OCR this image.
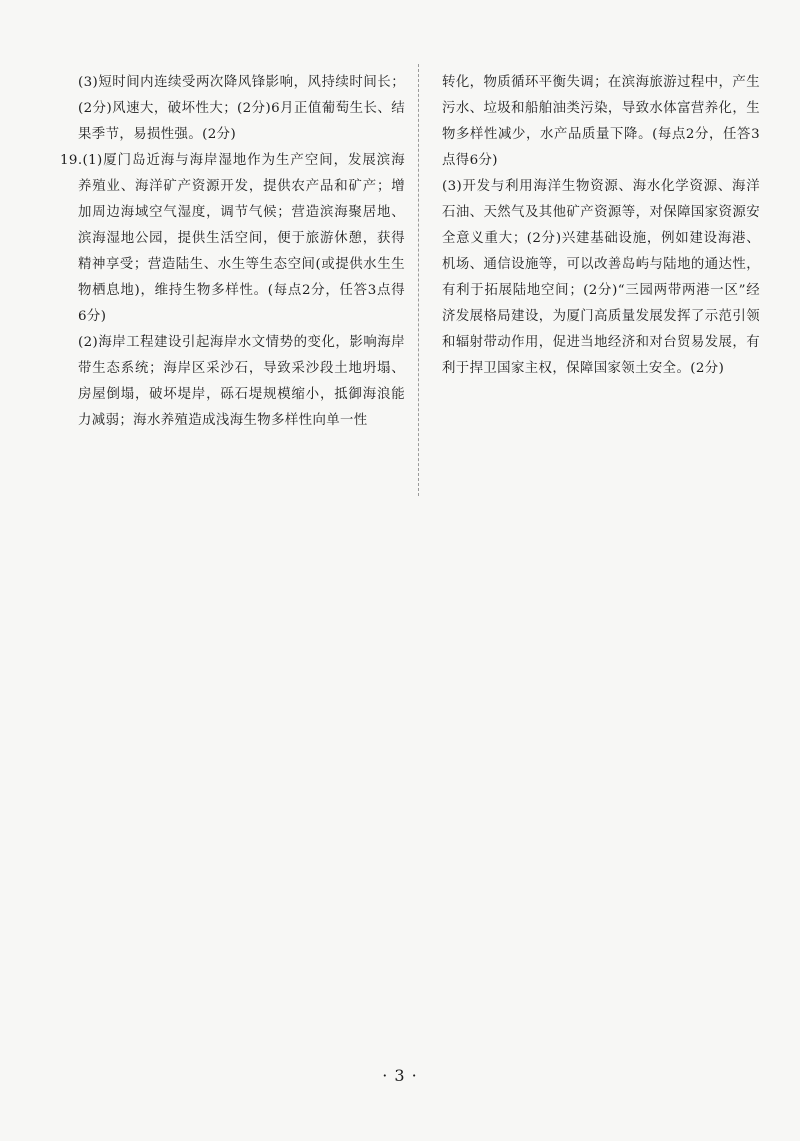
(3)短时间内连续受两次降风锋影响，风持续时间长；(2分)风速大，破坏性大；(2分)6月正值葡萄生长、结果季节，易损性强。(2分)
19.(1)厦门岛近海与海岸湿地作为生产空间，发展滨海养殖业、海洋矿产资源开发，提供农产品和矿产；增加周边海域空气湿度，调节气候；营造滨海聚居地、滨海湿地公园，提供生活空间，便于旅游休憩，获得精神享受；营造陆生、水生等生态空间(或提供水生生物栖息地)，维持生物多样性。(每点2分，任答3点得6分)
(2)海岸工程建设引起海岸水文情势的变化，影响海岸带生态系统；海岸区采沙石，导致采沙段土地坍塌、房屋倒塌，破坏堤岸，砾石堤规模缩小，抵御海浪能力减弱；海水养殖造成浅海生物多样性向单一性
转化，物质循环平衡失调；在滨海旅游过程中，产生污水、垃圾和船舶油类污染，导致水体富营养化，生物多样性减少，水产品质量下降。(每点2分，任答3点得6分)
(3)开发与利用海洋生物资源、海水化学资源、海洋石油、天然气及其他矿产资源等，对保障国家资源安全意义重大；(2分)兴建基础设施，例如建设海港、机场、通信设施等，可以改善岛屿与陆地的通达性，有利于拓展陆地空间；(2分)“三园两带两港一区”经济发展格局建设，为厦门高质量发展发挥了示范引领和辐射带动作用，促进当地经济和对台贸易发展，有利于捍卫国家主权，保障国家领土安全。(2分)
· 3 ·
